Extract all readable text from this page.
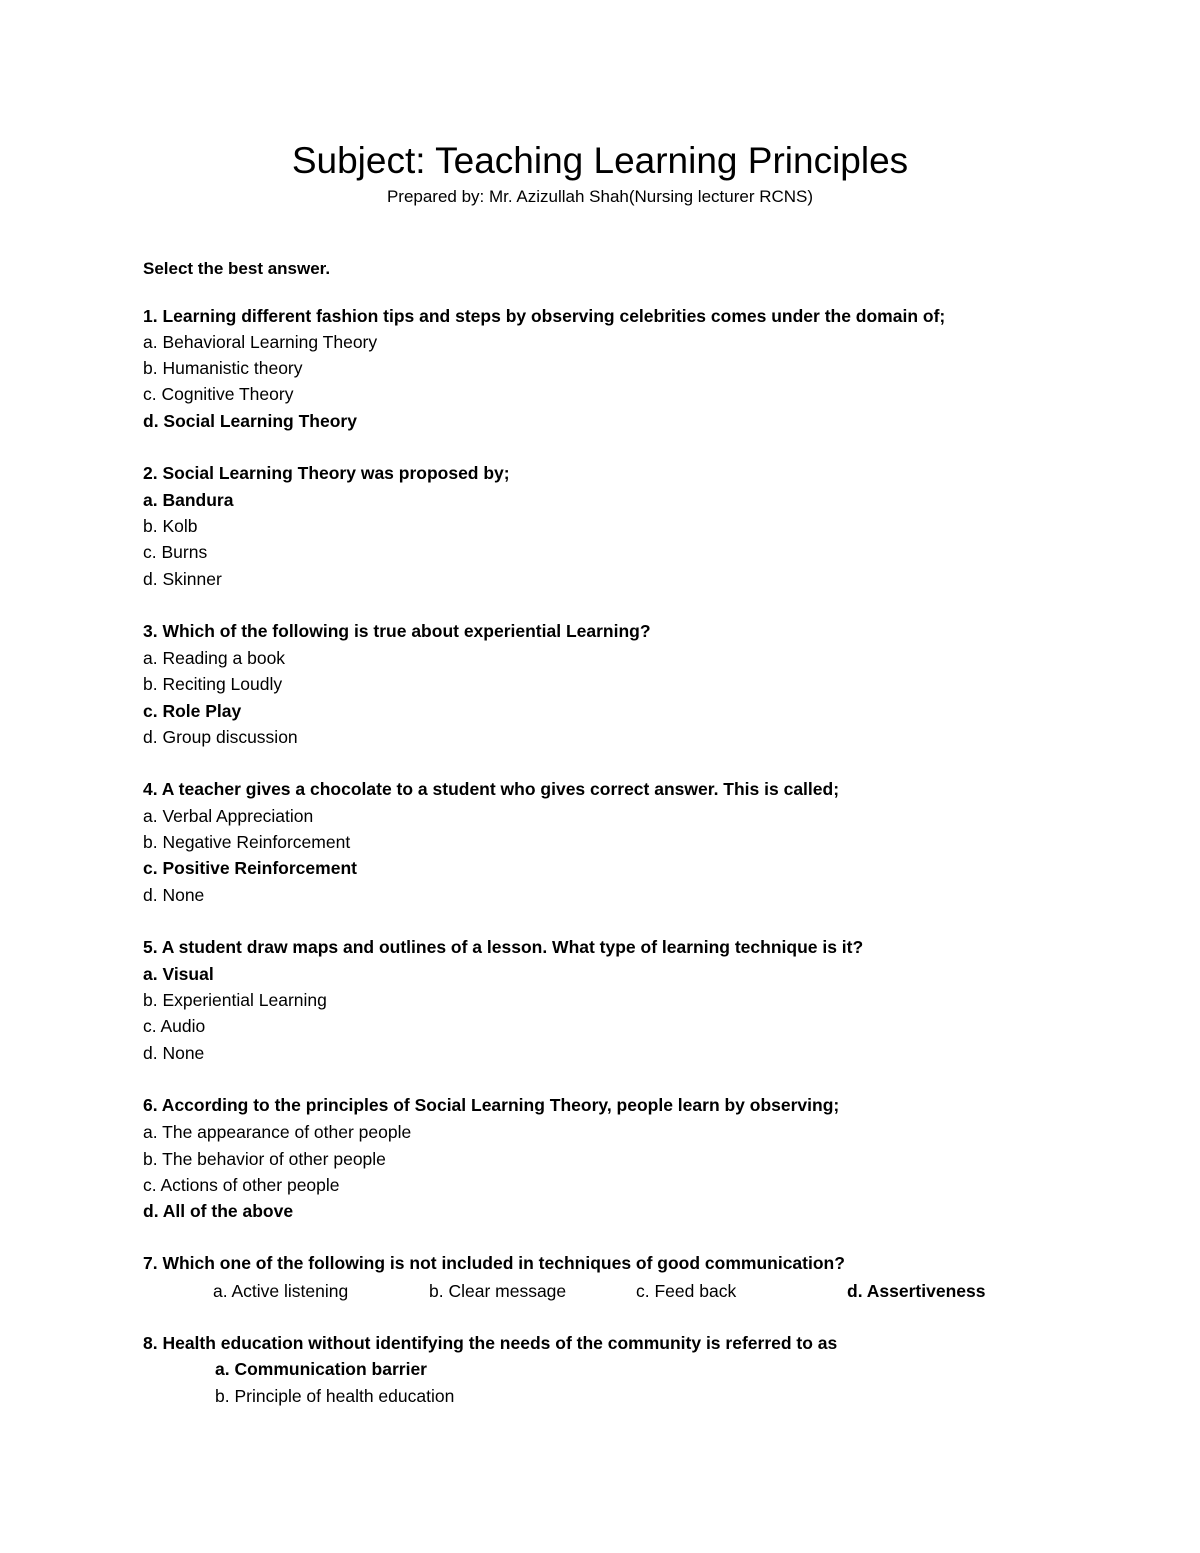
Subject: Teaching Learning Principles
Prepared by: Mr. Azizullah Shah(Nursing lecturer RCNS)
Select the best answer.
1. Learning different fashion tips and steps by observing celebrities comes under the domain of;
a. Behavioral Learning Theory
b. Humanistic theory
c. Cognitive Theory
d. Social Learning Theory
2. Social Learning Theory was proposed by;
a. Bandura
b. Kolb
c. Burns
d. Skinner
3. Which of the following is true about experiential Learning?
a. Reading a book
b. Reciting Loudly
c. Role Play
d. Group discussion
4. A teacher gives a chocolate to a student who gives correct answer. This is called;
a. Verbal Appreciation
b. Negative Reinforcement
c. Positive Reinforcement
d. None
5. A student draw maps and outlines of a lesson. What type of learning technique is it?
a. Visual
b. Experiential Learning
c. Audio
d. None
6. According to the principles of Social Learning Theory, people learn by observing;
a. The appearance of other people
b. The behavior of other people
c. Actions of other people
d. All of the above
7. Which one of the following is not included in techniques of good communication?
a. Active listening	b. Clear message	c. Feed back	d. Assertiveness
8. Health education without identifying the needs of the community is referred to as
a. Communication barrier
b. Principle of health education
